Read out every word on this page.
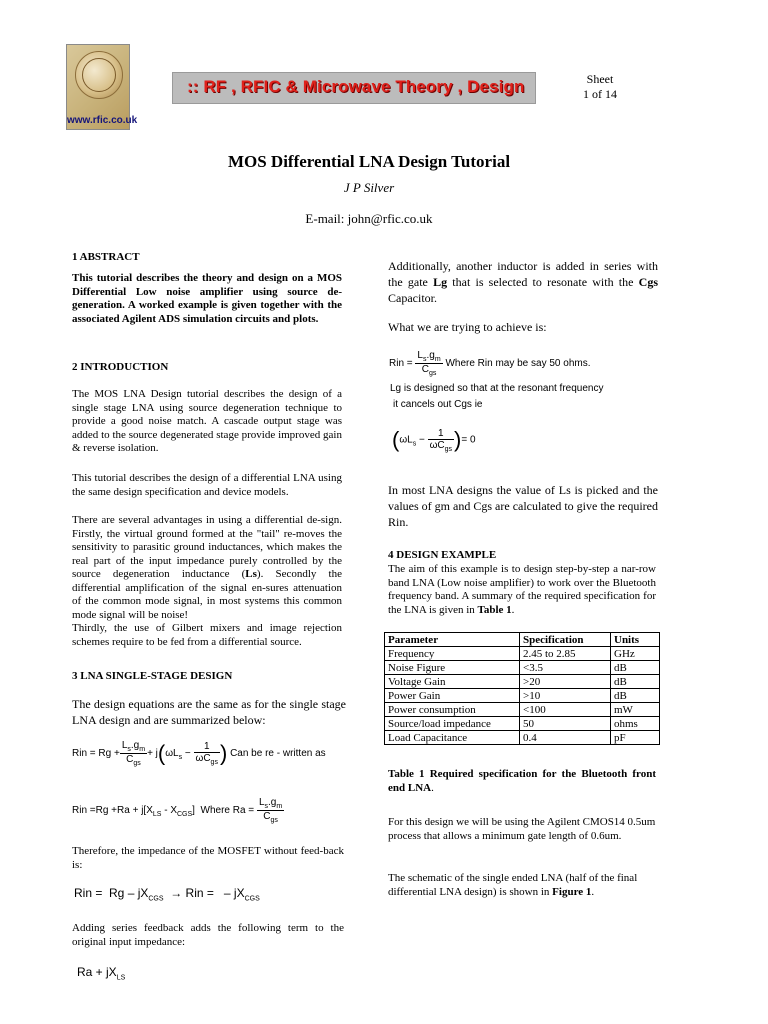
www.rfic.co.uk
:: RF , RFIC & Microwave Theory , Design	Sheet
1 of 14
MOS Differential LNA Design Tutorial
J P Silver
E-mail: john@rfic.co.uk
1 ABSTRACT
This tutorial describes the theory and design on a MOS Differential Low noise amplifier using source de-generation. A worked example is given together with the associated Agilent ADS simulation circuits and plots.
2 INTRODUCTION
The MOS LNA Design tutorial describes the design of a single stage LNA using source degeneration technique to provide a good noise match. A cascade output stage was added to the source degenerated stage provide improved gain & reverse isolation.
This tutorial describes the design of a differential LNA using the same design specification and device models.
There are several advantages in using a differential de-sign. Firstly, the virtual ground formed at the "tail" re-moves the sensitivity to parasitic ground inductances, which makes the real part of the input impedance purely controlled by the source degeneration inductance (Ls). Secondly the differential amplification of the signal en-sures attenuation of the common mode signal, in most systems this common mode signal will be noise!
Thirdly, the use of Gilbert mixers and image rejection schemes require to be fed from a differential source.
3 LNA SINGLE-STAGE DESIGN
The design equations are the same as for the single stage LNA design and are summarized below:
Rin = $Rg + \frac{L_s.g_m}{C_{gs}} + j(\omega L_s - \frac{1}{\omega C_{gs}}$ ) Can be re - written as
Rin $=Rg +Ra + j[X_{LS} - X_{CGS}]$  Where $Ra = \frac{L_s.g_m}{C_{gs}}$
Therefore, the impedance of the MOSFET without feed-back is:
Rin =  Rg – $jX_{CGS}$  → Rin =   – $jX_{CGS}$
Adding series feedback adds the following term to the original input impedance:
$Ra + jX_{LS}$
Additionally, another inductor is added in series with the gate Lg that is selected to resonate with the Cgs Capacitor.
What we are trying to achieve is:
Rin = $\frac{L_s.g_m}{C_{gs}}$ Where Rin may be say 50 ohms.
Lg is designed so that at the resonant frequency
it cancels out Cgs ie
($\omega L_s - \frac{1}{\omega C_{gs}}$ )= 0
In most LNA designs the value of Ls is picked and the values of gm and Cgs are calculated to give the required Rin.
4 DESIGN EXAMPLE
The aim of this example is to design step-by-step a nar-row band LNA (Low noise amplifier) to work over the Bluetooth frequency band. A summary of the required specification for the LNA is given in Table 1.
Parameter	Specification	Units
Frequency	2.45 to 2.85	GHz
Noise Figure	<3.5	dB
Voltage Gain	>20	dB
Power Gain	>10	dB
Power consumption	<100	mW
Source/load impedance	50	ohms
Load Capacitance	0.4	pF
Table 1 Required specification for the Bluetooth front end LNA.
For this design we will be using the Agilent CMOS14 0.5um process that allows a minimum gate length of 0.6um.
The schematic of the single ended LNA (half of the final differential LNA design) is shown in Figure 1.
